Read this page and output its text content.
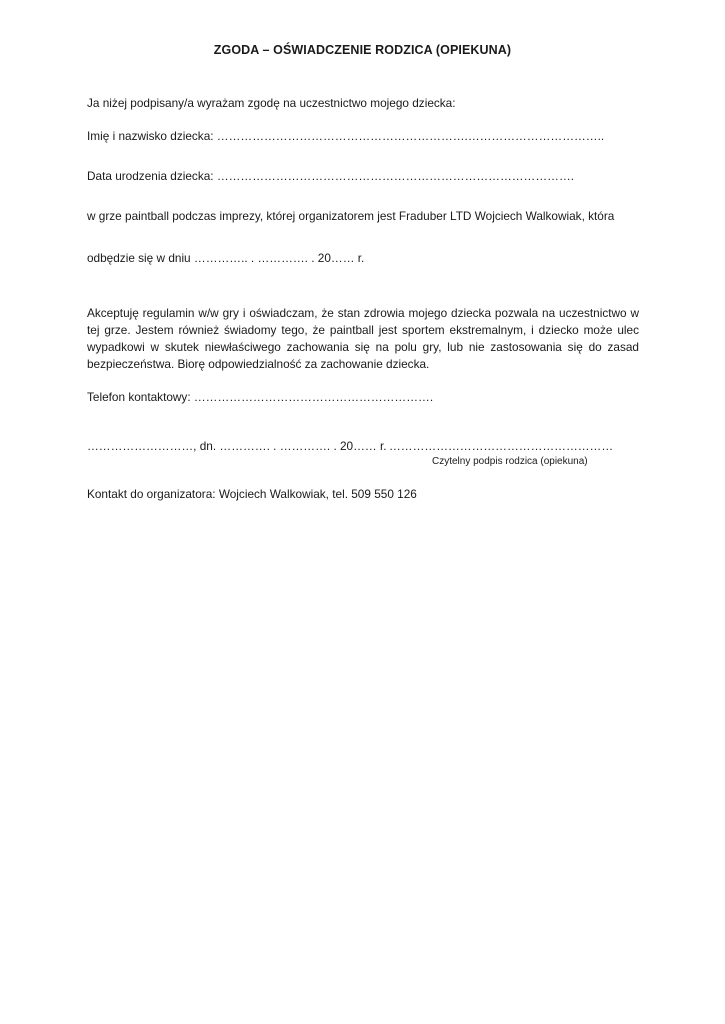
ZGODA – OŚWIADCZENIE RODZICA (OPIEKUNA)
Ja niżej podpisany/a wyrażam zgodę na uczestnictwo mojego dziecka:
Imię i nazwisko dziecka: ……………………………………………………….……………………………..
Data urodzenia dziecka: ……………………………………………………………………………….
w grze paintball podczas imprezy, której organizatorem jest Fraduber LTD Wojciech Walkowiak, która
odbędzie się w dniu ………….. . …………. . 20…… r.
Akceptuję regulamin w/w gry i oświadczam, że stan zdrowia mojego dziecka pozwala na uczestnictwo w tej grze. Jestem również świadomy tego, że paintball jest sportem ekstremalnym, i dziecko może ulec wypadkowi w skutek niewłaściwego zachowania się na polu gry, lub nie zastosowania się do zasad bezpieczeństwa. Biorę odpowiedzialność za zachowanie dziecka.
Telefon kontaktowy: …………………………………………………….
………………………, dn. …………. . …………. . 20…… r. …………………………………………………
Czytelny podpis rodzica (opiekuna)
Kontakt do organizatora: Wojciech Walkowiak, tel. 509 550 126
